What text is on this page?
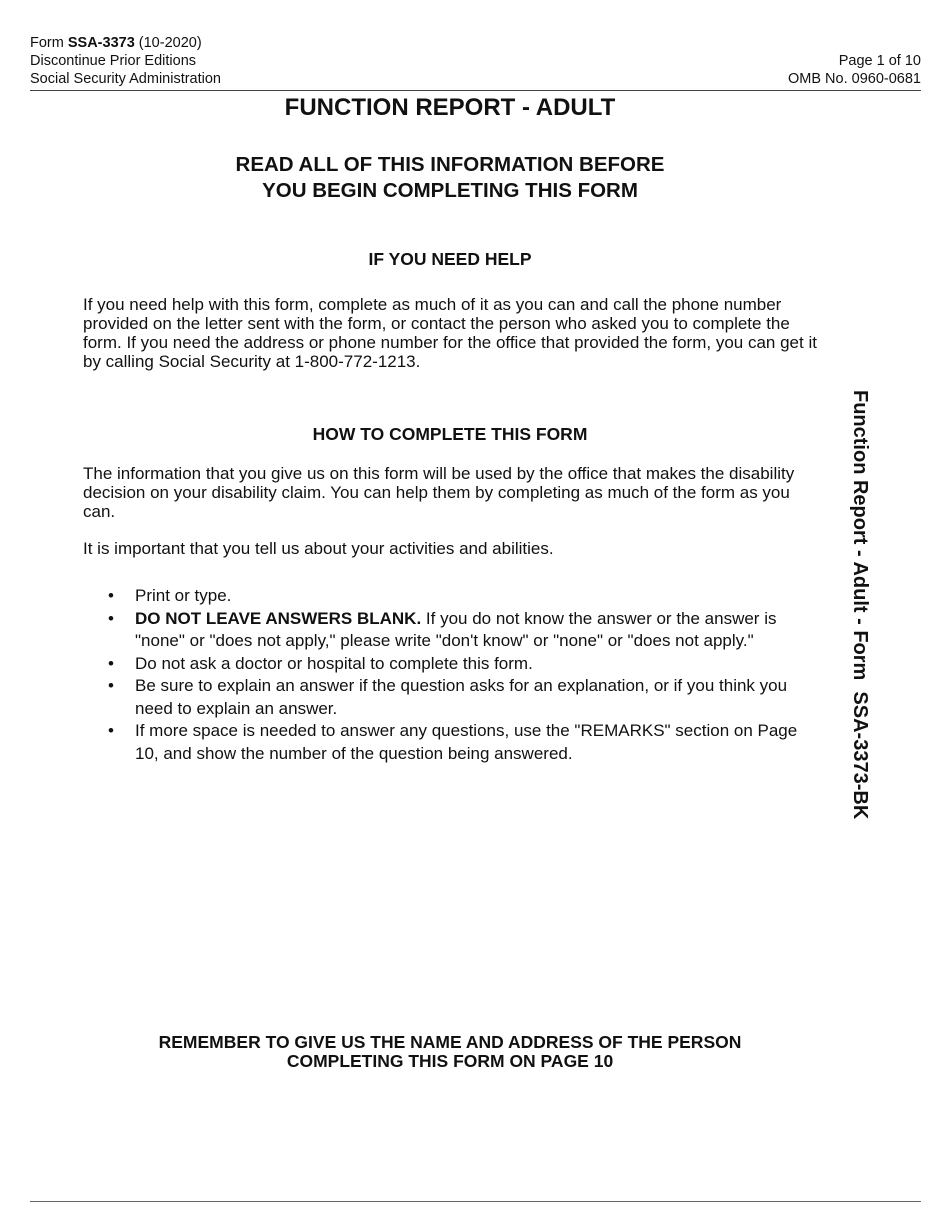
Form SSA-3373 (10-2020)
Discontinue Prior Editions
Social Security Administration
Page 1 of 10
OMB No. 0960-0681
FUNCTION REPORT - ADULT
READ ALL OF THIS INFORMATION BEFORE
YOU BEGIN COMPLETING THIS FORM
IF YOU NEED HELP
If you need help with this form, complete as much of it as you can and call the phone number provided on the letter sent with the form, or contact the person who asked you to complete the form. If you need the address or phone number for the office that provided the form, you can get it by calling Social Security at 1-800-772-1213.
HOW TO COMPLETE THIS FORM
The information that you give us on this form will be used by the office that makes the disability decision on your disability claim. You can help them by completing as much of the form as you can.
It is important that you tell us about your activities and abilities.
• Print or type.
• DO NOT LEAVE ANSWERS BLANK. If you do not know the answer or the answer is "none" or "does not apply," please write "don't know" or "none" or "does not apply."
• Do not ask a doctor or hospital to complete this form.
• Be sure to explain an answer if the question asks for an explanation, or if you think you need to explain an answer.
• If more space is needed to answer any questions, use the "REMARKS" section on Page 10, and show the number of the question being answered.
REMEMBER TO GIVE US THE NAME AND ADDRESS OF THE PERSON
COMPLETING THIS FORM ON PAGE 10
Function Report - Adult - Form  SSA-3373-BK
